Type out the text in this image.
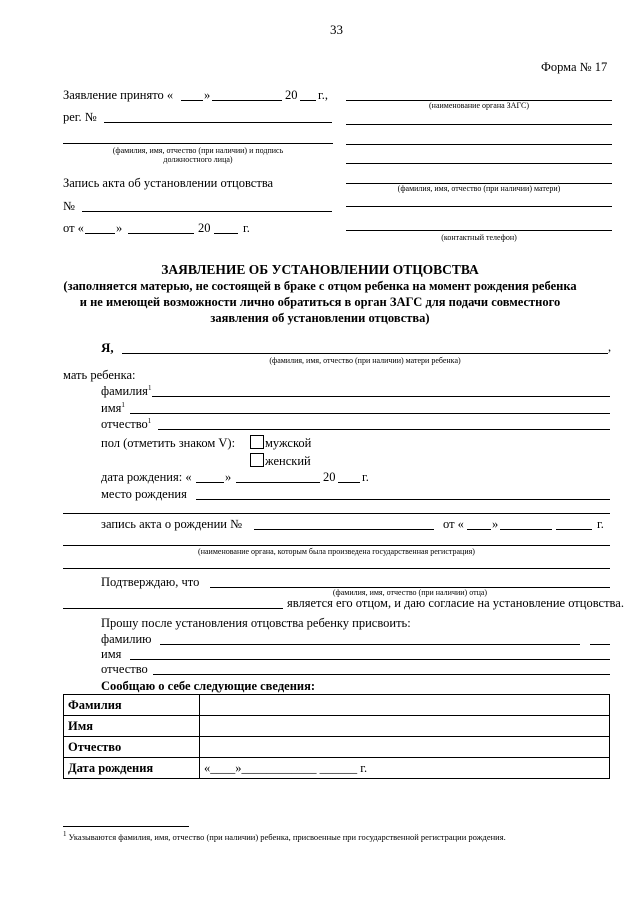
33
Форма № 17
Заявление принято « »	20 г.,
рег. №
(фамилия, имя, отчество (при наличии) и подпись
должностного лица)
Запись акта об установлении отцовства
№
от «	»	20	г.
(наименование органа ЗАГС)
(фамилия, имя, отчество (при наличии) матери)
(контактный телефон)
ЗАЯВЛЕНИЕ ОБ УСТАНОВЛЕНИИ ОТЦОВСТВА
(заполняется матерью, не состоящей в браке с отцом ребенка на момент рождения ребенка
и не имеющей возможности лично обратиться в орган ЗАГС для подачи совместного
заявления об установлении отцовства)
Я,	,
(фамилия, имя, отчество (при наличии) матери ребенка)
мать ребенка:
фамилия$^1$
имя$^1$
отчество$^1$
пол (отметить знаком V): мужской
женский
дата рождения: «	»	20 г.
место рождения
запись акта о рождении №	от « »	г.
(наименование органа, которым была произведена государственная регистрация)
Подтверждаю, что
(фамилия, имя, отчество (при наличии) отца)
является его отцом, и даю согласие на установление отцовства.
Прошу после установления отцовства ребенку присвоить:
фамилию
имя
отчество
Сообщаю о себе следующие сведения:
Фамилия	
Имя	
Отчество	
Дата рождения	«____»____________ ______ г.
$^1$ Указываются фамилия, имя, отчество (при наличии) ребенка, присвоенные при государственной регистрации рождения.
